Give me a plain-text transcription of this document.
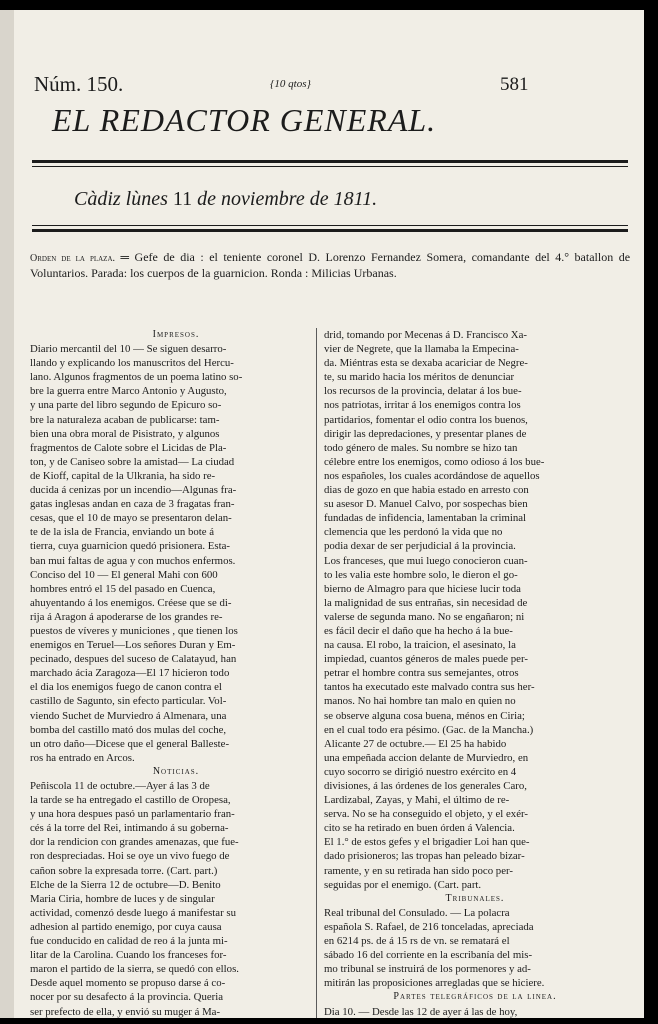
Núm. 150.	{10 qtos}	581
EL REDACTOR GENERAL.
Càdiz lùnes 11 de noviembre de 1811.
Orden de la plaza. ═ Gefe de dia : el teniente coronel D. Lorenzo Fernandez Somera, comandante del 4.° batallon de Voluntarios. Parada: los cuerpos de la guarnicion. Ronda : Milicias Urbanas.
Impresos.
Diario mercantil del 10 — Se siguen desarro-
llando y explicando los manuscritos del Hercu-
lano. Algunos fragmentos de un poema latino so-
bre la guerra entre Marco Antonio y Augusto,
y una parte del libro segundo de Epicuro so-
bre la naturaleza acaban de publicarse: tam-
bien una obra moral de Pisistrato, y algunos
fragmentos de Calote sobre el Licidas de Pla-
ton, y de Caniseo sobre la amistad— La ciudad
de Kioff, capital de la Ulkrania, ha sido re-
ducida á cenizas por un incendio—Algunas fra-
gatas inglesas andan en caza de 3 fragatas fran-
cesas, que el 10 de mayo se presentaron delan-
te de la isla de Francia, enviando un bote á
tierra, cuya guarnicion quedó prisionera. Esta-
ban mui faltas de agua y con muchos enfermos.
Conciso del 10 — El general Mahi con 600
hombres entró el 15 del pasado en Cuenca,
ahuyentando á los enemigos. Créese que se di-
rija á Aragon á apoderarse de los grandes re-
puestos de víveres y municiones , que tienen los
enemigos en Teruel—Los señores Duran y Em-
pecinado, despues del suceso de Calatayud, han
marchado ácia Zaragoza—El 17 hicieron todo
el dia los enemigos fuego de canon contra el
castillo de Sagunto, sin efecto particular. Vol-
viendo Suchet de Murviedro á Almenara, una
bomba del castillo mató dos mulas del coche,
un otro daño—Dicese que el general Balleste-
ros ha entrado en Arcos.
Noticias.
Peñiscola 11 de octubre.—Ayer á las 3 de
la tarde se ha entregado el castillo de Oropesa,
y una hora despues pasó un parlamentario fran-
cés á la torre del Rei, intimando á su goberna-
dor la rendicion con grandes amenazas, que fue-
ron despreciadas. Hoi se oye un vivo fuego de
cañon sobre la expresada torre. (Cart. part.)
Elche de la Sierra 12 de octubre—D. Benito
Maria Ciria, hombre de luces y de singular
actividad, comenzó desde luego á manifestar su
adhesion al partido enemigo, por cuya causa
fue conducido en calidad de reo á la junta mi-
litar de la Carolina. Cuando los franceses for-
maron el partido de la sierra, se quedó con ellos.
Desde aquel momento se propuso darse á co-
nocer por su desafecto á la provincia. Queria
ser prefecto de ella, y envió su muger á Ma-
drid, tomando por Mecenas á D. Francisco Xa-
vier de Negrete, que la llamaba la Empecina-
da. Miéntras esta se dexaba acariciar de Negre-
te, su marido hacia los méritos de denunciar
los recursos de la provincia, delatar á los bue-
nos patriotas, irritar á los enemigos contra los
partidarios, fomentar el odio contra los buenos,
dirigir las depredaciones, y presentar planes de
todo género de males. Su nombre se hizo tan
célebre entre los enemigos, como odioso á los bue-
nos españoles, los cuales acordándose de aquellos
dias de gozo en que habia estado en arresto con
su asesor D. Manuel Calvo, por sospechas bien
fundadas de infidencia, lamentaban la criminal
clemencia que les perdonó la vida que no
podia dexar de ser perjudicial á la provincia.
Los franceses, que mui luego conocieron cuan-
to les valia este hombre solo, le dieron el go-
bierno de Almagro para que hiciese lucir toda
la malignidad de sus entrañas, sin necesidad de
valerse de segunda mano. No se engañaron; ni
es fácil decir el daño que ha hecho á la bue-
na causa. El robo, la traicion, el asesinato, la
impiedad, cuantos géneros de males puede per-
petrar el hombre contra sus semejantes, otros
tantos ha executado este malvado contra sus her-
manos. No hai hombre tan malo en quien no
se observe alguna cosa buena, ménos en Ciria;
en el cual todo era pésimo. (Gac. de la Mancha.)
Alicante 27 de octubre.— El 25 ha habido
una empeñada accion delante de Murviedro, en
cuyo socorro se dirigió nuestro exército en 4
divisiones, á las órdenes de los generales Caro,
Lardizabal, Zayas, y Mahi, el último de re-
serva. No se ha conseguido el objeto, y el exér-
cito se ha retirado en buen órden á Valencia.
El 1.° de estos gefes y el brigadier Loi han que-
dado prisioneros; las tropas han peleado bizar-
ramente, y en su retirada han sido poco per-
seguidas por el enemigo. (Cart. part.
Tribunales.
Real tribunal del Consulado. — La polacra
española S. Rafael, de 216 tonceladas, apreciada
en 6214 ps. de á 15 rs de vn. se rematará el
sábado 16 del corriente en la escribanía del mis-
mo tribunal se instruirá de los pormenores y ad-
mitirán las proposiciones arregladas que se hiciere.
Partes telegráficos de la linea.
Dia 10. — Desde las 12 de ayer á las de hoy,
